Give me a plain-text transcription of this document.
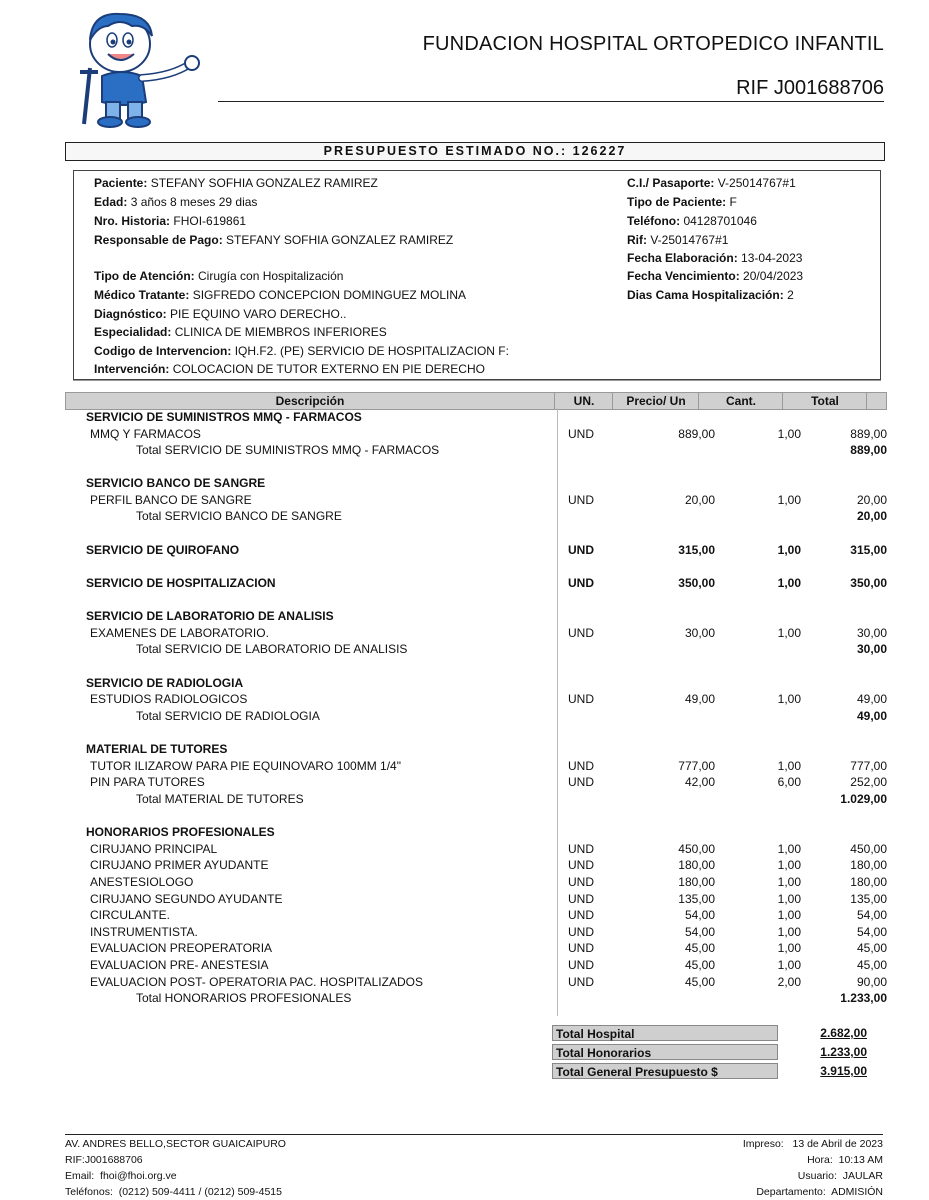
FUNDACION HOSPITAL ORTOPEDICO INFANTIL
RIF J001688706
PRESUPUESTO ESTIMADO NO.: 126227
Paciente: STEFANY SOFHIA GONZALEZ RAMIREZ
Edad: 3 años 8 meses 29 dias
Nro. Historia: FHOI-619861
Responsable de Pago: STEFANY SOFHIA GONZALEZ RAMIREZ
Tipo de Atención: Cirugía con Hospitalización
Médico Tratante: SIGFREDO CONCEPCION DOMINGUEZ MOLINA
Diagnóstico: PIE EQUINO VARO DERECHO..
Especialidad: CLINICA DE MIEMBROS INFERIORES
Codigo de Intervencion: IQH.F2. (PE) SERVICIO DE HOSPITALIZACION F:
Intervención: COLOCACION DE TUTOR EXTERNO EN PIE DERECHO
C.I./ Pasaporte: V-25014767#1
Tipo de Paciente: F
Teléfono: 04128701046
Rif: V-25014767#1
Fecha Elaboración: 13-04-2023
Fecha Vencimiento: 20/04/2023
Dias Cama Hospitalización: 2
Descripción	UN.	Precio/ Un	Cant.	Total
SERVICIO DE SUMINISTROS MMQ - FARMACOS
MMQ Y FARMACOS	UND	889,00	1,00	889,00
Total SERVICIO DE SUMINISTROS MMQ - FARMACOS	889,00
SERVICIO BANCO DE SANGRE
PERFIL BANCO DE SANGRE	UND	20,00	1,00	20,00
Total SERVICIO BANCO DE SANGRE	20,00
SERVICIO DE QUIROFANO	UND	315,00	1,00	315,00
SERVICIO DE HOSPITALIZACION	UND	350,00	1,00	350,00
SERVICIO DE LABORATORIO DE ANALISIS
EXAMENES DE LABORATORIO.	UND	30,00	1,00	30,00
Total SERVICIO DE LABORATORIO DE ANALISIS	30,00
SERVICIO DE RADIOLOGIA
ESTUDIOS RADIOLOGICOS	UND	49,00	1,00	49,00
Total SERVICIO DE RADIOLOGIA	49,00
MATERIAL DE TUTORES
TUTOR ILIZAROW PARA PIE EQUINOVARO 100MM 1/4"	UND	777,00	1,00	777,00
PIN PARA TUTORES	UND	42,00	6,00	252,00
Total MATERIAL DE TUTORES	1.029,00
HONORARIOS PROFESIONALES
CIRUJANO PRINCIPAL	UND	450,00	1,00	450,00
CIRUJANO PRIMER AYUDANTE	UND	180,00	1,00	180,00
ANESTESIOLOGO	UND	180,00	1,00	180,00
CIRUJANO SEGUNDO AYUDANTE	UND	135,00	1,00	135,00
CIRCULANTE.	UND	54,00	1,00	54,00
INSTRUMENTISTA.	UND	54,00	1,00	54,00
EVALUACION PREOPERATORIA	UND	45,00	1,00	45,00
EVALUACION PRE- ANESTESIA	UND	45,00	1,00	45,00
EVALUACION POST- OPERATORIA PAC. HOSPITALIZADOS	UND	45,00	2,00	90,00
Total HONORARIOS PROFESIONALES	1.233,00
Total Hospital	2.682,00
Total Honorarios	1.233,00
Total General Presupuesto $	3.915,00
AV. ANDRES BELLO,SECTOR GUAICAIPURO
RIF:J001688706
Email: fhoi@fhoi.org.ve
Teléfonos: (0212) 509-4411 / (0212) 509-4515
Impreso: 13 de Abril de 2023
Hora: 10:13 AM
Usuario: JAULAR
Departamento: ADMISIÓN
